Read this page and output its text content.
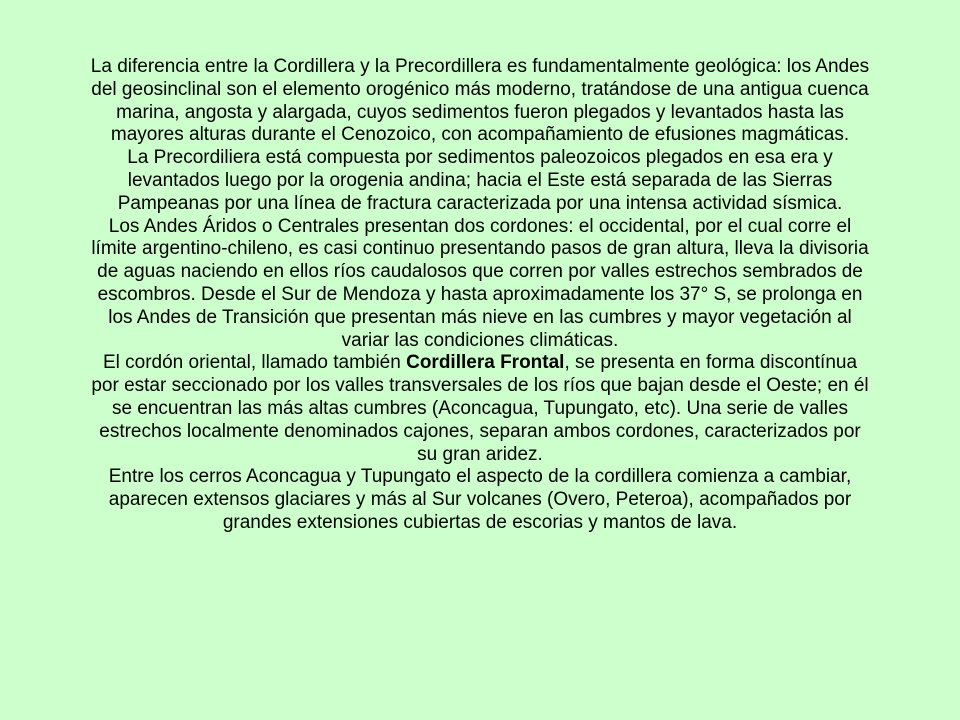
La diferencia entre la Cordillera y la Precordillera es fundamentalmente geológica: los Andes del geosinclinal son el elemento orogénico más moderno, tratándose de una antigua cuenca marina, angosta y alargada, cuyos sedimentos fueron plegados y levantados hasta las mayores alturas durante el Cenozoico, con acompañamiento de efusiones magmáticas.

La Precordiliera está compuesta por sedimentos paleozoicos plegados en esa era y levantados luego por la orogenia andina; hacia el Este está separada de las Sierras Pampeanas por una línea de fractura caracterizada por una intensa actividad sísmica.

Los Andes Áridos o Centrales presentan dos cordones: el occidental, por el cual corre el límite argentino-chileno, es casi continuo presentando pasos de gran altura, lleva la divisoria de aguas naciendo en ellos ríos caudalosos que corren por valles estrechos sembrados de escombros. Desde el Sur de Mendoza y hasta aproximadamente los 37° S, se prolonga en los Andes de Transición que presentan más nieve en las cumbres y mayor vegetación al variar las condiciones climáticas.

El cordón oriental, llamado también Cordillera Frontal, se presenta en forma discontínua por estar seccionado por los valles transversales de los ríos que bajan desde el Oeste; en él se encuentran las más altas cumbres (Aconcagua, Tupungato, etc). Una serie de valles estrechos localmente denominados cajones, separan ambos cordones, caracterizados por su gran aridez.

Entre los cerros Aconcagua y Tupungato el aspecto de la cordillera comienza a cambiar, aparecen extensos glaciares y más al Sur volcanes (Overo, Peteroa), acompañados por grandes extensiones cubiertas de escorias y mantos de lava.
